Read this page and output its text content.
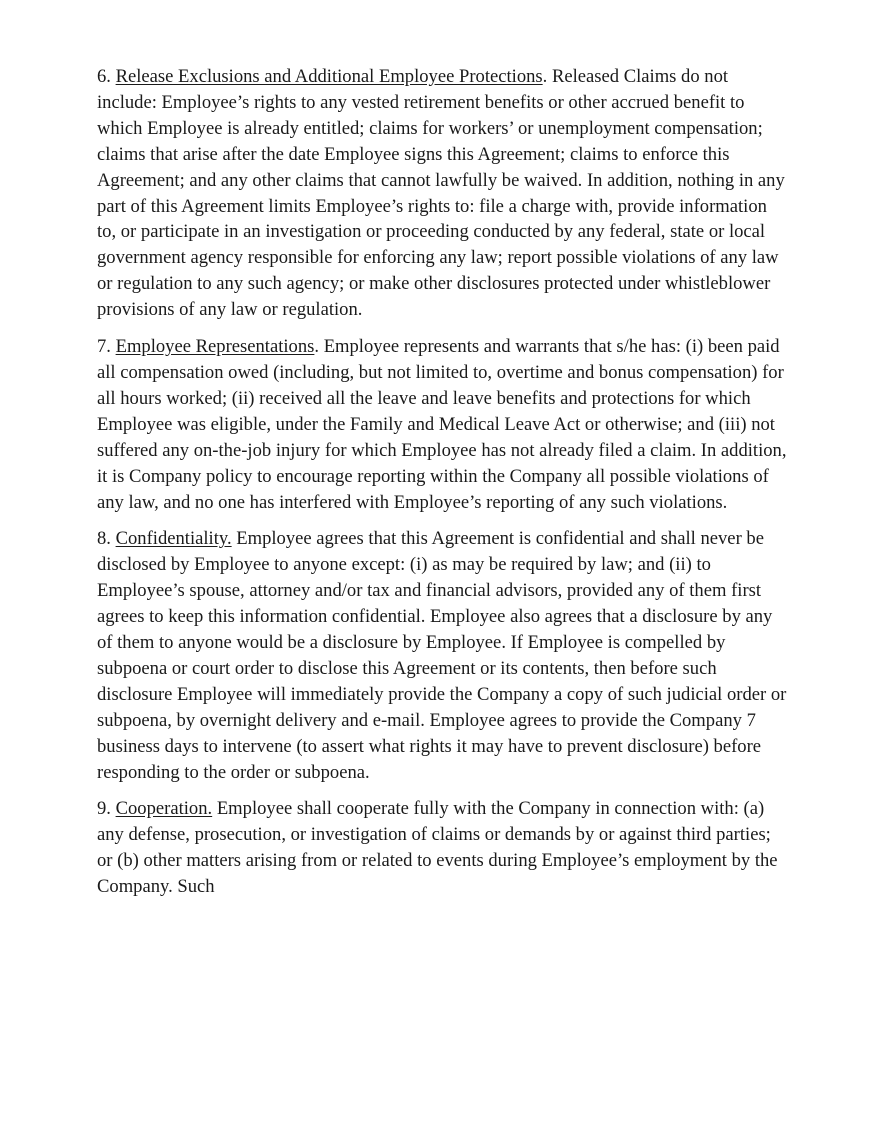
6. Release Exclusions and Additional Employee Protections. Released Claims do not include: Employee’s rights to any vested retirement benefits or other accrued benefit to which Employee is already entitled; claims for workers’ or unemployment compensation; claims that arise after the date Employee signs this Agreement; claims to enforce this Agreement; and any other claims that cannot lawfully be waived. In addition, nothing in any part of this Agreement limits Employee’s rights to: file a charge with, provide information to, or participate in an investigation or proceeding conducted by any federal, state or local government agency responsible for enforcing any law; report possible violations of any law or regulation to any such agency; or make other disclosures protected under whistleblower provisions of any law or regulation.

7. Employee Representations. Employee represents and warrants that s/he has: (i) been paid all compensation owed (including, but not limited to, overtime and bonus compensation) for all hours worked; (ii) received all the leave and leave benefits and protections for which Employee was eligible, under the Family and Medical Leave Act or otherwise; and (iii) not suffered any on-the-job injury for which Employee has not already filed a claim. In addition, it is Company policy to encourage reporting within the Company all possible violations of any law, and no one has interfered with Employee’s reporting of any such violations.

8. Confidentiality. Employee agrees that this Agreement is confidential and shall never be disclosed by Employee to anyone except: (i) as may be required by law; and (ii) to Employee’s spouse, attorney and/or tax and financial advisors, provided any of them first agrees to keep this information confidential. Employee also agrees that a disclosure by any of them to anyone would be a disclosure by Employee. If Employee is compelled by subpoena or court order to disclose this Agreement or its contents, then before such disclosure Employee will immediately provide the Company a copy of such judicial order or subpoena, by overnight delivery and e-mail. Employee agrees to provide the Company 7 business days to intervene (to assert what rights it may have to prevent disclosure) before responding to the order or subpoena.

9. Cooperation. Employee shall cooperate fully with the Company in connection with: (a) any defense, prosecution, or investigation of claims or demands by or against third parties; or (b) other matters arising from or related to events during Employee’s employment by the Company. Such
